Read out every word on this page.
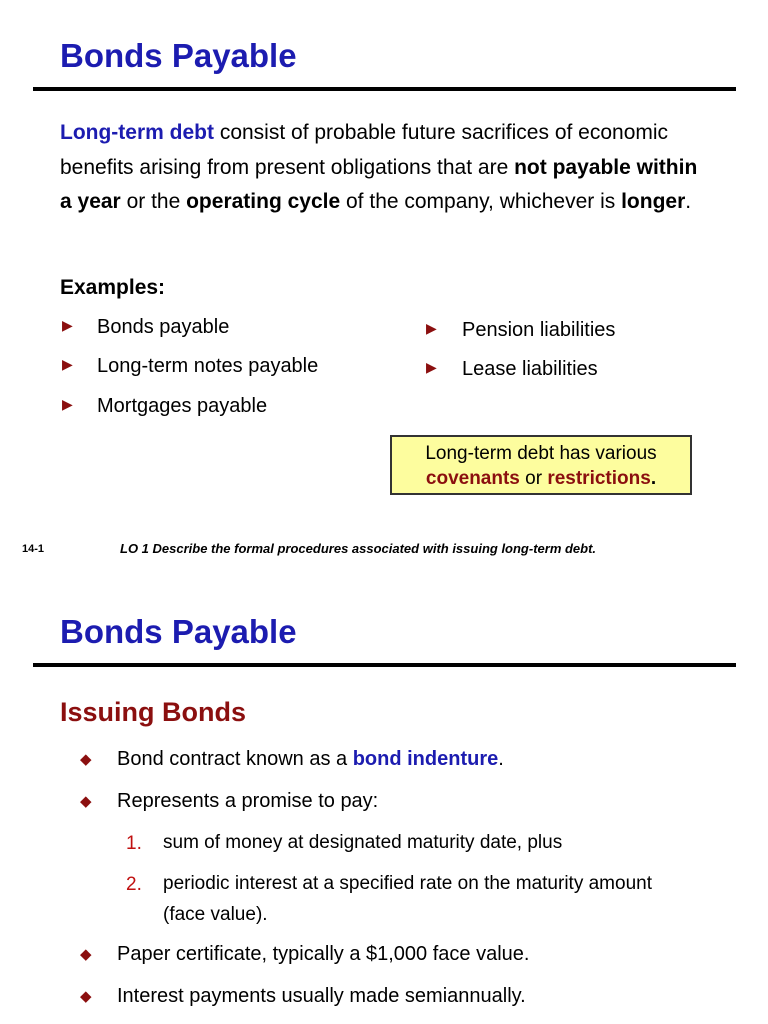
Bonds Payable
Long-term debt consist of probable future sacrifices of economic benefits arising from present obligations that are not payable within a year or the operating cycle of the company, whichever is longer.
Examples:
▶ Bonds payable
▶ Long-term notes payable
▶ Mortgages payable
▶ Pension liabilities
▶ Lease liabilities
Long-term debt has various
covenants or restrictions.
14-1	LO 1 Describe the formal procedures associated with issuing long-term debt.
Bonds Payable
Issuing Bonds
◆ Bond contract known as a bond indenture.
◆ Represents a promise to pay:
1. sum of money at designated maturity date, plus
2. periodic interest at a specified rate on the maturity amount
(face value).
◆ Paper certificate, typically a $1,000 face value.
◆ Interest payments usually made semiannually.
